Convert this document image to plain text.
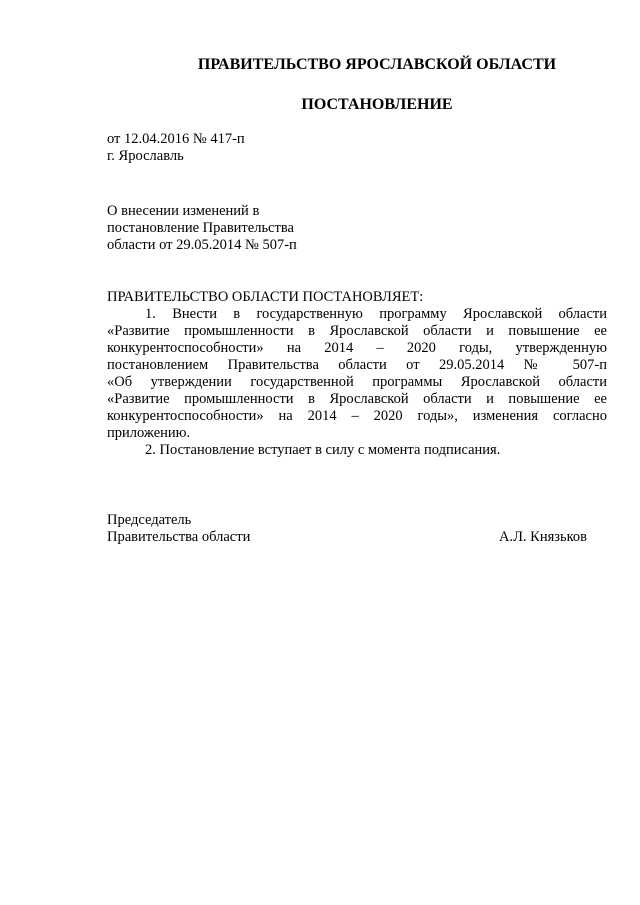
ПРАВИТЕЛЬСТВО ЯРОСЛАВСКОЙ ОБЛАСТИ
ПОСТАНОВЛЕНИЕ
от 12.04.2016 № 417-п
г. Ярославль
О внесении изменений в
постановление Правительства
области от 29.05.2014 № 507-п
ПРАВИТЕЛЬСТВО ОБЛАСТИ ПОСТАНОВЛЯЕТ:
1. Внести в государственную программу Ярославской области
«Развитие промышленности в Ярославской области и повышение ее
конкурентоспособности» на 2014 – 2020 годы, утвержденную
постановлением Правительства области от 29.05.2014 № 507-п
«Об утверждении государственной программы Ярославской области
«Развитие промышленности в Ярославской области и повышение ее
конкурентоспособности» на 2014 – 2020 годы», изменения согласно
приложению.
2. Постановление вступает в силу с момента подписания.
Председатель
Правительства области	А.Л. Князьков
